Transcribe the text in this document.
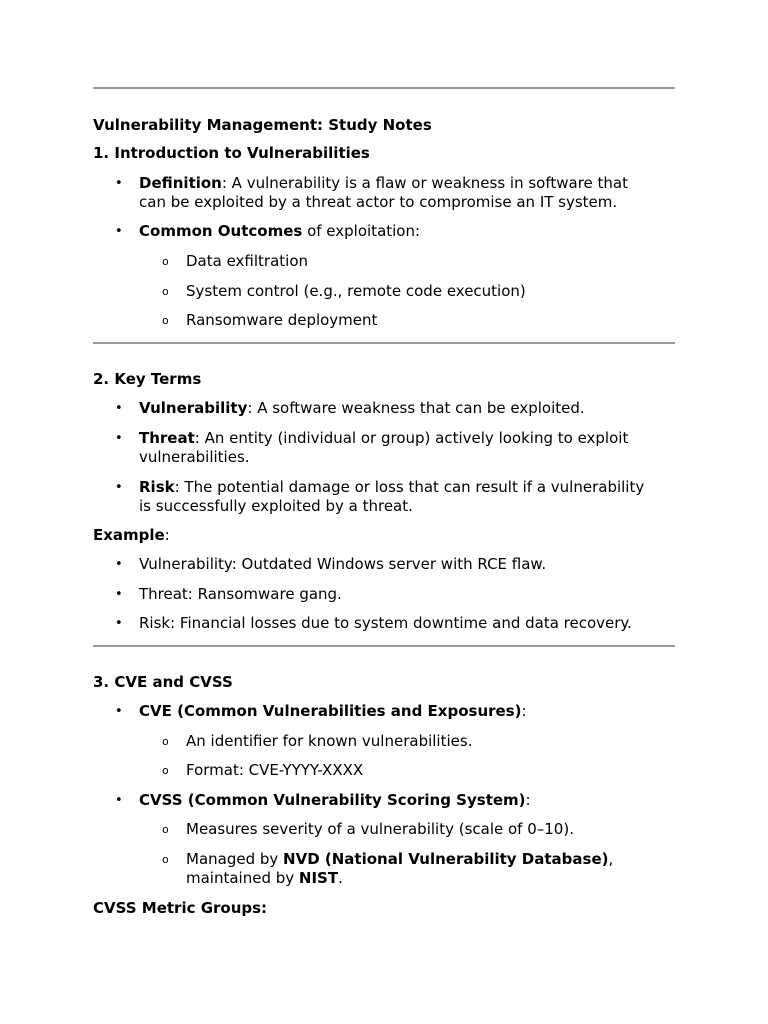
Vulnerability Management: Study Notes
1. Introduction to Vulnerabilities
• Definition: A vulnerability is a flaw or weakness in software that
can be exploited by a threat actor to compromise an IT system.
• Common Outcomes of exploitation:
o Data exfiltration
o System control (e.g., remote code execution)
o Ransomware deployment
2. Key Terms
• Vulnerability: A software weakness that can be exploited.
• Threat: An entity (individual or group) actively looking to exploit
vulnerabilities.
• Risk: The potential damage or loss that can result if a vulnerability
is successfully exploited by a threat.
Example:
• Vulnerability: Outdated Windows server with RCE flaw.
• Threat: Ransomware gang.
• Risk: Financial losses due to system downtime and data recovery.
3. CVE and CVSS
• CVE (Common Vulnerabilities and Exposures):
o An identifier for known vulnerabilities.
o Format: CVE-YYYY-XXXX
• CVSS (Common Vulnerability Scoring System):
o Measures severity of a vulnerability (scale of 0–10).
o Managed by NVD (National Vulnerability Database),
maintained by NIST.
CVSS Metric Groups:
